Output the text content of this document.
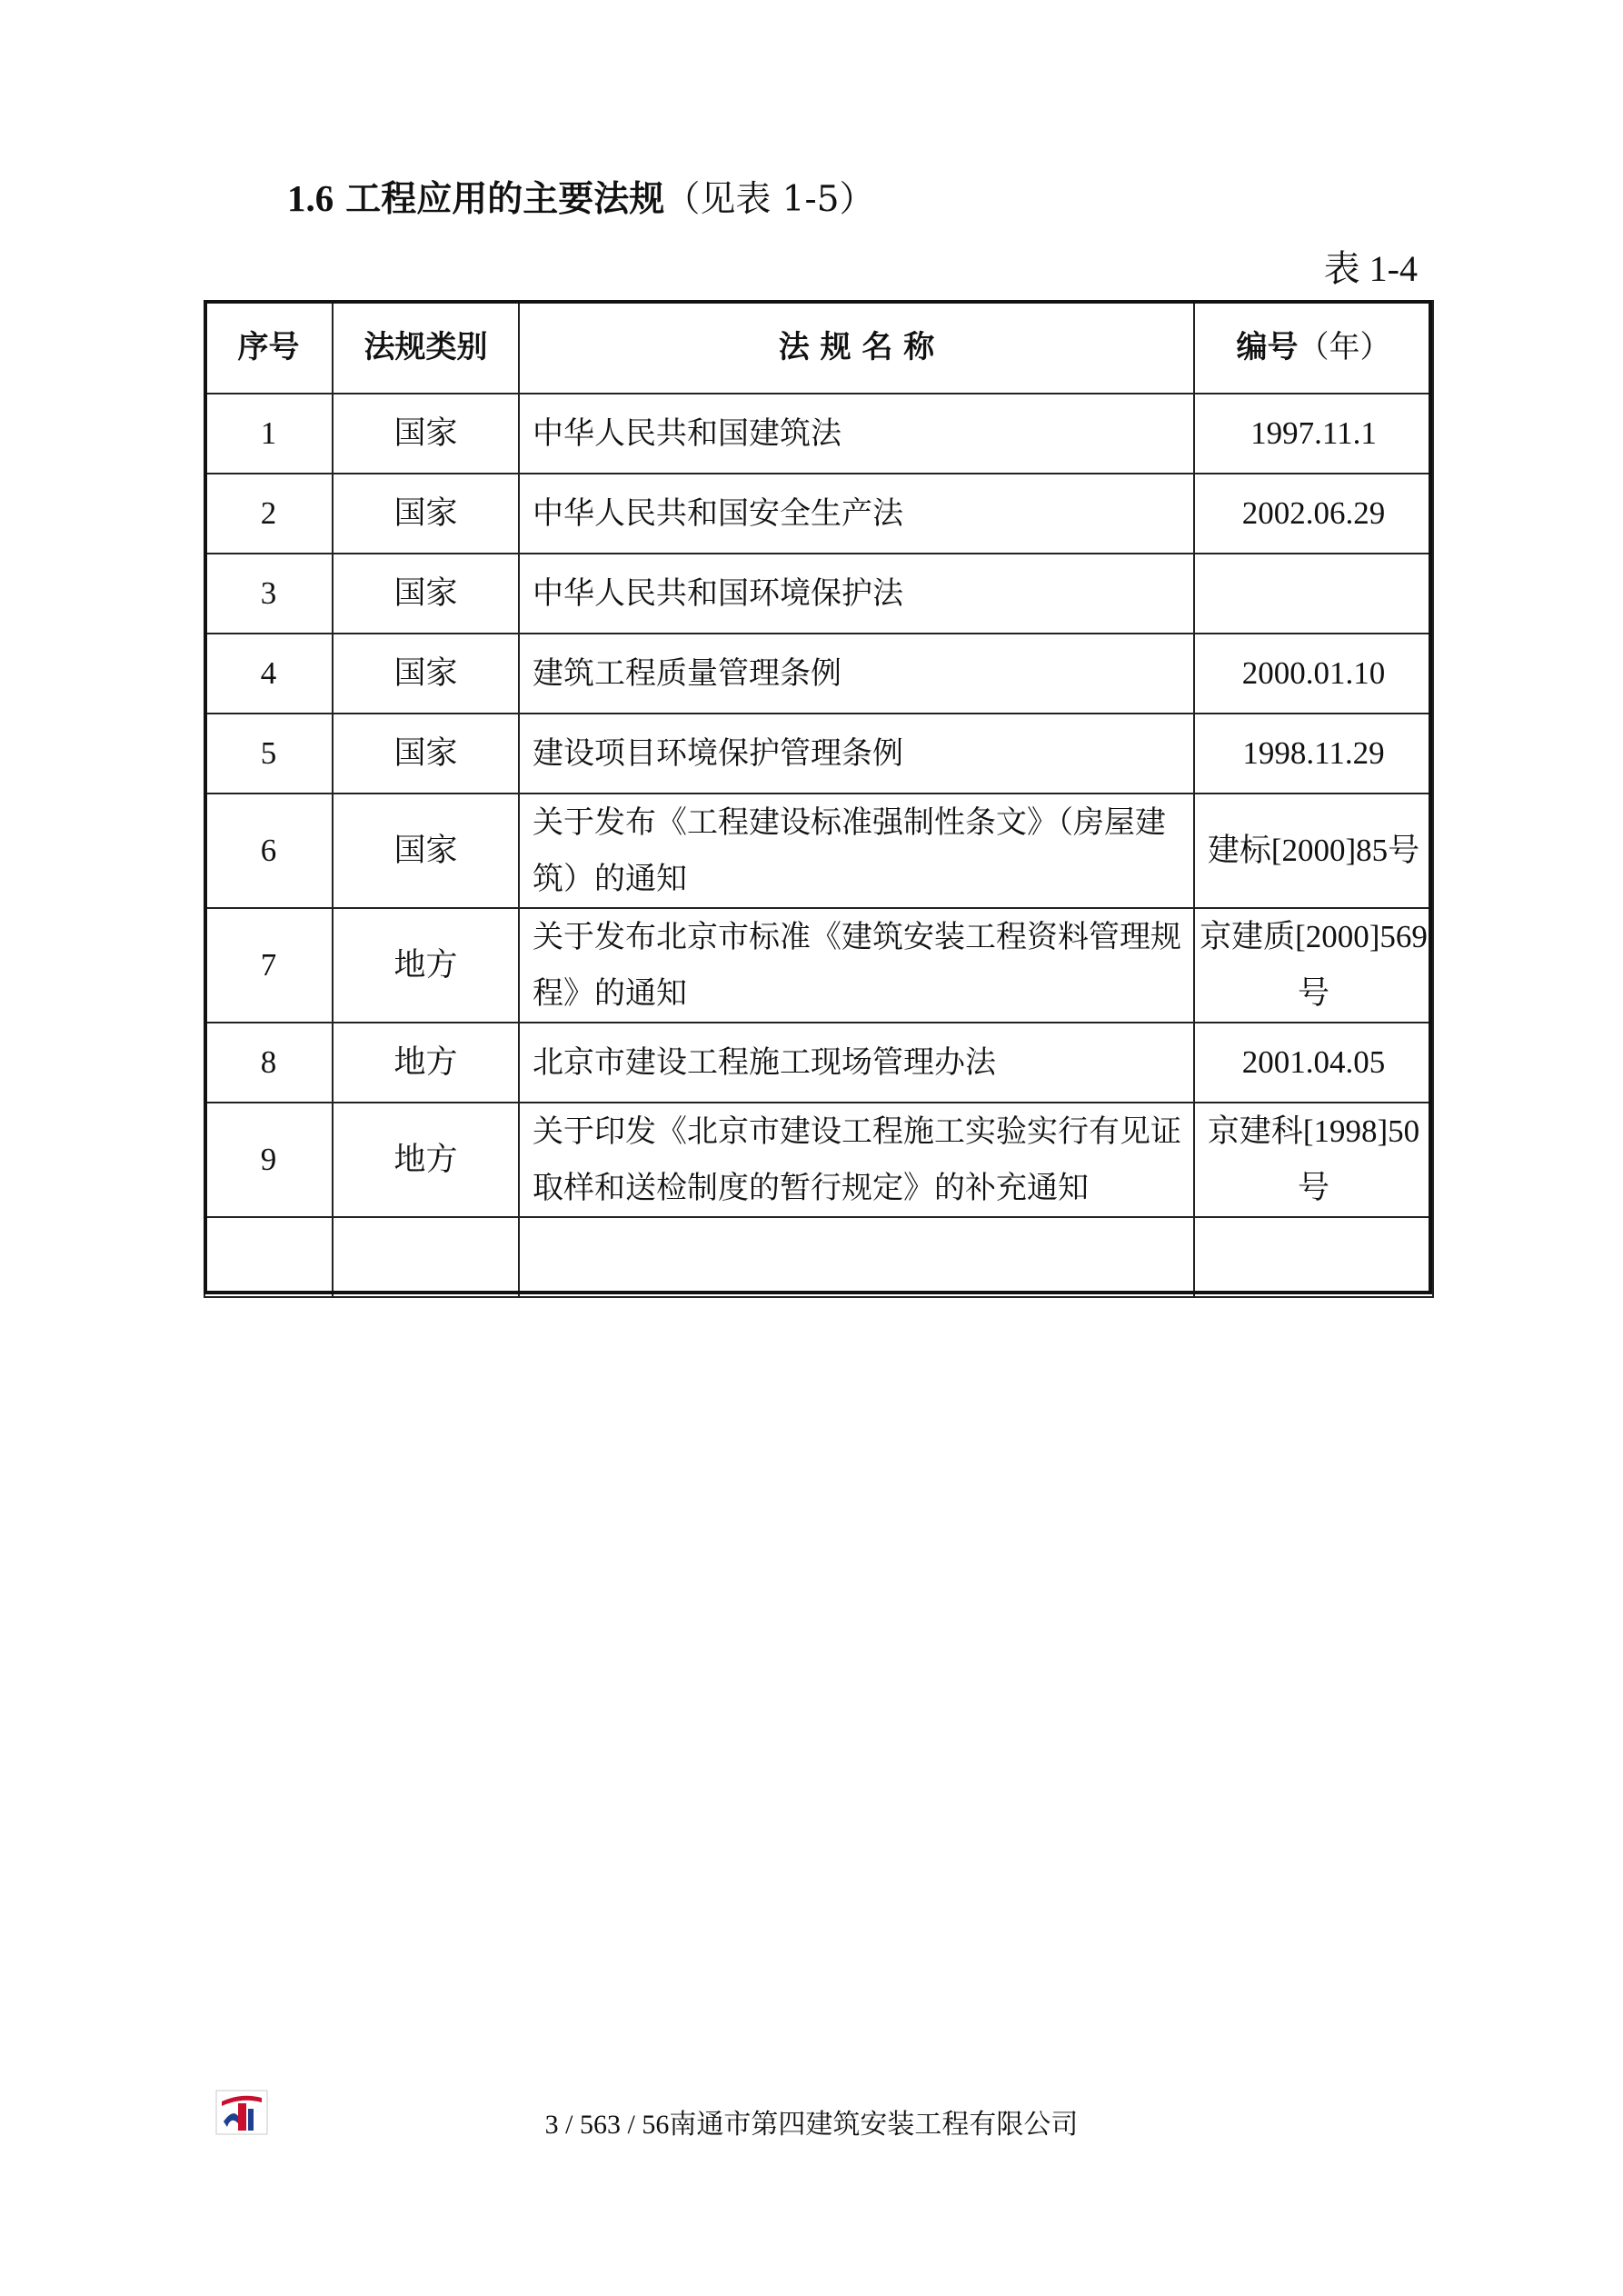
1.6 工程应用的主要法规（见表 1-5）
表 1-4
序号	法规类别	法 规 名 称	编号（年）
1	国家	中华人民共和国建筑法	1997.11.1
2	国家	中华人民共和国安全生产法	2002.06.29
3	国家	中华人民共和国环境保护法	
4	国家	建筑工程质量管理条例	2000.01.10
5	国家	建设项目环境保护管理条例	1998.11.29
6	国家	关于发布《工程建设标准强制性条文》（房屋建筑）的通知	建标[2000]85号
7	地方	关于发布北京市标准《建筑安装工程资料管理规程》的通知	京建质[2000]569 号
8	地方	北京市建设工程施工现场管理办法	2001.04.05
9	地方	关于印发《北京市建设工程施工实验实行有见证取样和送检制度的暂行规定》的补充通知	京建科[1998]50 号

3 / 563 / 56南通市第四建筑安装工程有限公司
